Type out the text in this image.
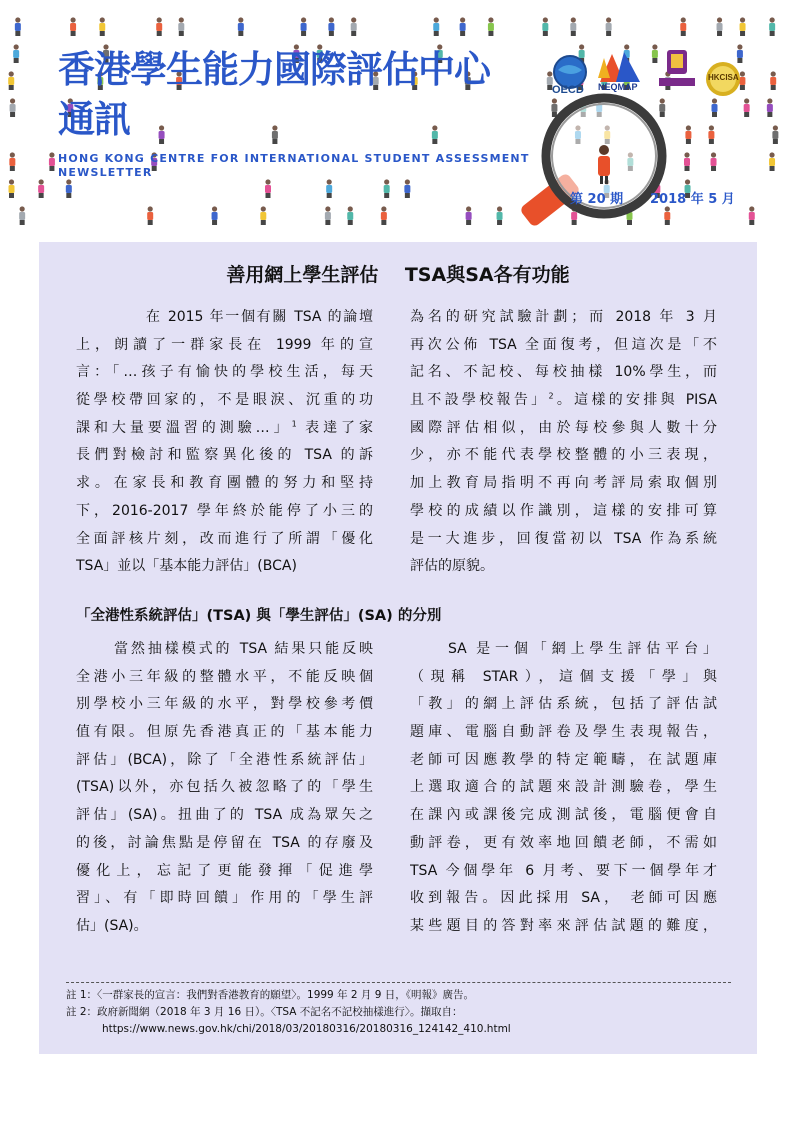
香港學生能力國際評估中心

通訊

HONG KONG CENTRE FOR INTERNATIONAL STUDENT ASSESSMENT

NEWSLETTER

OECD NEQMAP
HKCISA

第 20 期 2018 年 5 月

善用網上學生評估    TSA與SA各有功能
在 2015 年一個有關 TSA 的論壇
上，朗讀了一群家長在 1999 年的宣
言：「…孩子有愉快的學校生活，每天
從學校帶回家的，不是眼淚、沉重的功
課和大量要溫習的測驗…」$^1$ 表達了家
長們對檢討和監察異化後的 TSA 的訴
求。在家長和教育團體的努力和堅持
下，2016-2017 學年終於能停了小三的
全面評核片刻，改而進行了所謂「優化
TSA」並以「基本能力評估」(BCA)
為名的研究試驗計劃；而 2018 年 3 月
再次公佈 TSA 全面復考，但這次是「不
記名、不記校、每校抽樣 10%學生，而
且不設學校報告」$^2$。這樣的安排與 PISA
國際評估相似，由於每校參與人數十分
少，亦不能代表學校整體的小三表現，
加上教育局指明不再向考評局索取個別
學校的成績以作識別，這樣的安排可算
是一大進步，回復當初以 TSA 作為系統
評估的原貌。
「全港性系統評估」(TSA) 與「學生評估」(SA) 的分別
當然抽樣模式的 TSA 結果只能反映
全港小三年級的整體水平，不能反映個
別學校小三年級的水平，對學校參考價
值有限。但原先香港真正的「基本能力
評估」(BCA)，除了「全港性系統評估」
(TSA)以外，亦包括久被忽略了的「學生
評估」(SA)。扭曲了的 TSA 成為眾矢之
的後，討論焦點是停留在 TSA 的存廢及
優化上，忘記了更能發揮「促進學
習」、有「即時回饋」作用的「學生評
估」(SA)。
SA 是一個「網上學生評估平台」
（現稱 STAR），這個支援「學」與
「教」的網上評估系統，包括了評估試
題庫、電腦自動評卷及學生表現報告，
老師可因應教學的特定範疇，在試題庫
上選取適合的試題來設計測驗卷，學生
在課內或課後完成測試後，電腦便會自
動評卷，更有效率地回饋老師，不需如
TSA 今個學年 6 月考、要下一個學年才
收到報告。因此採用 SA， 老師可因應
某些題目的答對率來評估試題的難度，

註 1：〈一群家長的宣言：我們對香港教育的願望〉。1999 年 2 月 9 日，《明報》廣告。

註 2：政府新聞網（2018 年 3 月 16 日）。〈TSA 不記名不記校抽樣進行〉。擷取自：

https://www.news.gov.hk/chi/2018/03/20180316/20180316_124142_410.html
